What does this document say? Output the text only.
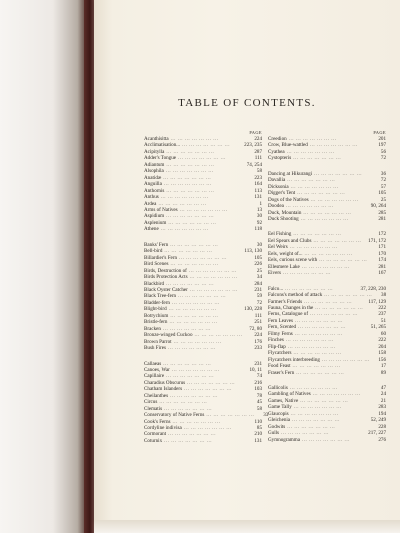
TABLE OF CONTENTS.
PAGE
Acanthisitta ... ... ... ... ... ... ...	224
Acclimatisation... ... ... ... ... ... ... ...	223, 235
Acipitylla ... ... ... ... ... ... ...	287
Adder's Tongue ... ... ... ... ... ... ...	111
Adiantum ... ... ... ... ... ... ...	74, 254
Alsophila ... ... ... ... ... ... ...	58
Anatidæ ... ... ... ... ... ... ...	223
Anguilla ... ... ... ... ... ... ...	164
Anthornis ... ... ... ... ... ... ...	113
Anthus ... ... ... ... ... ... ...	131
Ardea ... ... ... ... ... ... ...	1
Arms of Natives ... ... ... ... ... ... ...	13
Aspidium ... ... ... ... ... ... ...	30
Asplenium ... ... ... ... ... ... ...	92
Athene ... ... ... ... ... ... ...	118
Banks' Fern ... ... ... ... ... ... ...	30
Bell-bird ... ... ... ... ... ... ...	113, 130
Billardier's Fern ... ... ... ... ... ... ...	105
Bird Scenes ... ... ... ... ... ... ...	226
Birds, Destruction of ... ... ... ... ... ... ...	25
Birds Protection Acts ... ... ... ... ... ... ...	34
Blackbird ... ... ... ... ... ... ...	284
Black Oyster Catcher ... ... ... ... ... ... ...	231
Black Tree-fern ... ... ... ... ... ... ...	59
Bladder-fern ... ... ... ... ... ... ...	72
Blight-bird ... ... ... ... ... ... ...	130, 228
Botrychium ... ... ... ... ... ... ...	111
Bristle-fern ... ... ... ... ... ... ...	251
Bracken ... ... ... ... ... ... ...	72, 80
Bronze-winged Cuckoo ... ... ... ... ... ... ...	224
Brown Parrot ... ... ... ... ... ... ...	176
Bush Fires ... ... ... ... ... ... ...	233
Callaeas ... ... ... ... ... ... ...	231
Canoes, War ... ... ... ... ... ... ...	10, 11
Capillaire ... ... ... ... ... ... ...	74
Charadius Obscurus ... ... ... ... ... ... ...	216
Chatham Islanders ... ... ... ... ... ... ...	103
Cheilanthes ... ... ... ... ... ... ...	78
Circus ... ... ... ... ... ... ...	45
Clematis ... ... ... ... ... ... ...	58
Conservatory of Native Ferns ... ... ... ... ... ... ...	33
Cook's Ferns ... ... ... ... ... ... ...	110
Cordyline indivisa ... ... ... ... ... ... ...	85
Cormorant ... ... ... ... ... ... ...	210
Coturnix ... ... ... ... ... ... ...	131
PAGE
Creedion ... ... ... ... ... ... ...	201
Crow, Blue-wattled ... ... ... ... ... ... ...	197
Cyathea ... ... ... ... ... ... ...	56
Cystopteris ... ... ... ... ... ... ...	72
Dancing at Hikurangi ... ... ... ... ... ... ...	36
Davallia ... ... ... ... ... ... ...	72
Dicksonia ... ... ... ... ... ... ...	57
Digger's Tent ... ... ... ... ... ... ...	105
Dogs of the Natives ... ... ... ... ... ... ...	25
Doodea ... ... ... ... ... ... ...	90, 264
Duck, Mountain ... ... ... ... ... ... ...	285
Duck Shooting ... ... ... ... ... ... ...	281
Eel Fishing ... ... ... ... ... ... ...	172
Eel Spears and Clubs ... ... ... ... ... ... ...	171, 172
Eel Weirs ... ... ... ... ... ... ...	171
Eels, weight of... ... ... ... ... ... ... ...	170
Eels, curious scene with ... ... ... ... ... ... ...	174
Ellesmere Lake ... ... ... ... ... ... ...	281
Eivers ... ... ... ... ... ... ...	167
Falco... ... ... ... ... ... ... ...	37, 228, 230
Falcons's method of attack ... ... ... ... ... ... ...	38
Farmer's Friends ... ... ... ... ... ... ...	117, 129
Fauna, Changes in the ... ... ... ... ... ... ...	222
Ferns, Catalogue of ... ... ... ... ... ... ...	237
Fern Leaves ... ... ... ... ... ... ...	51
Fern, Scented ... ... ... ... ... ... ...	51, 265
Filmy Ferns ... ... ... ... ... ... ...	60
Finches ... ... ... ... ... ... ...	222
Flip-flap ... ... ... ... ... ... ...	204
Flycatchers ... ... ... ... ... ... ...	158
Flycatchers interbreeding ... ... ... ... ... ... ...	156
Food Feast ... ... ... ... ... ... ...	17
Fraser's Fern ... ... ... ... ... ... ...	89
Gallicolis ... ... ... ... ... ... ...	47
Gambling of Natives ... ... ... ... ... ... ...	24
Games, Native ... ... ... ... ... ... ...	21
Game Tally ... ... ... ... ... ... ...	283
Glaucopis ... ... ... ... ... ... ...	194
Gleichenia ... ... ... ... ... ... ...	52, 249
Godwits ... ... ... ... ... ... ...	228
Gulls ... ... ... ... ... ... ...	217, 227
Gymnogramma ... ... ... ... ... ... ...	276
